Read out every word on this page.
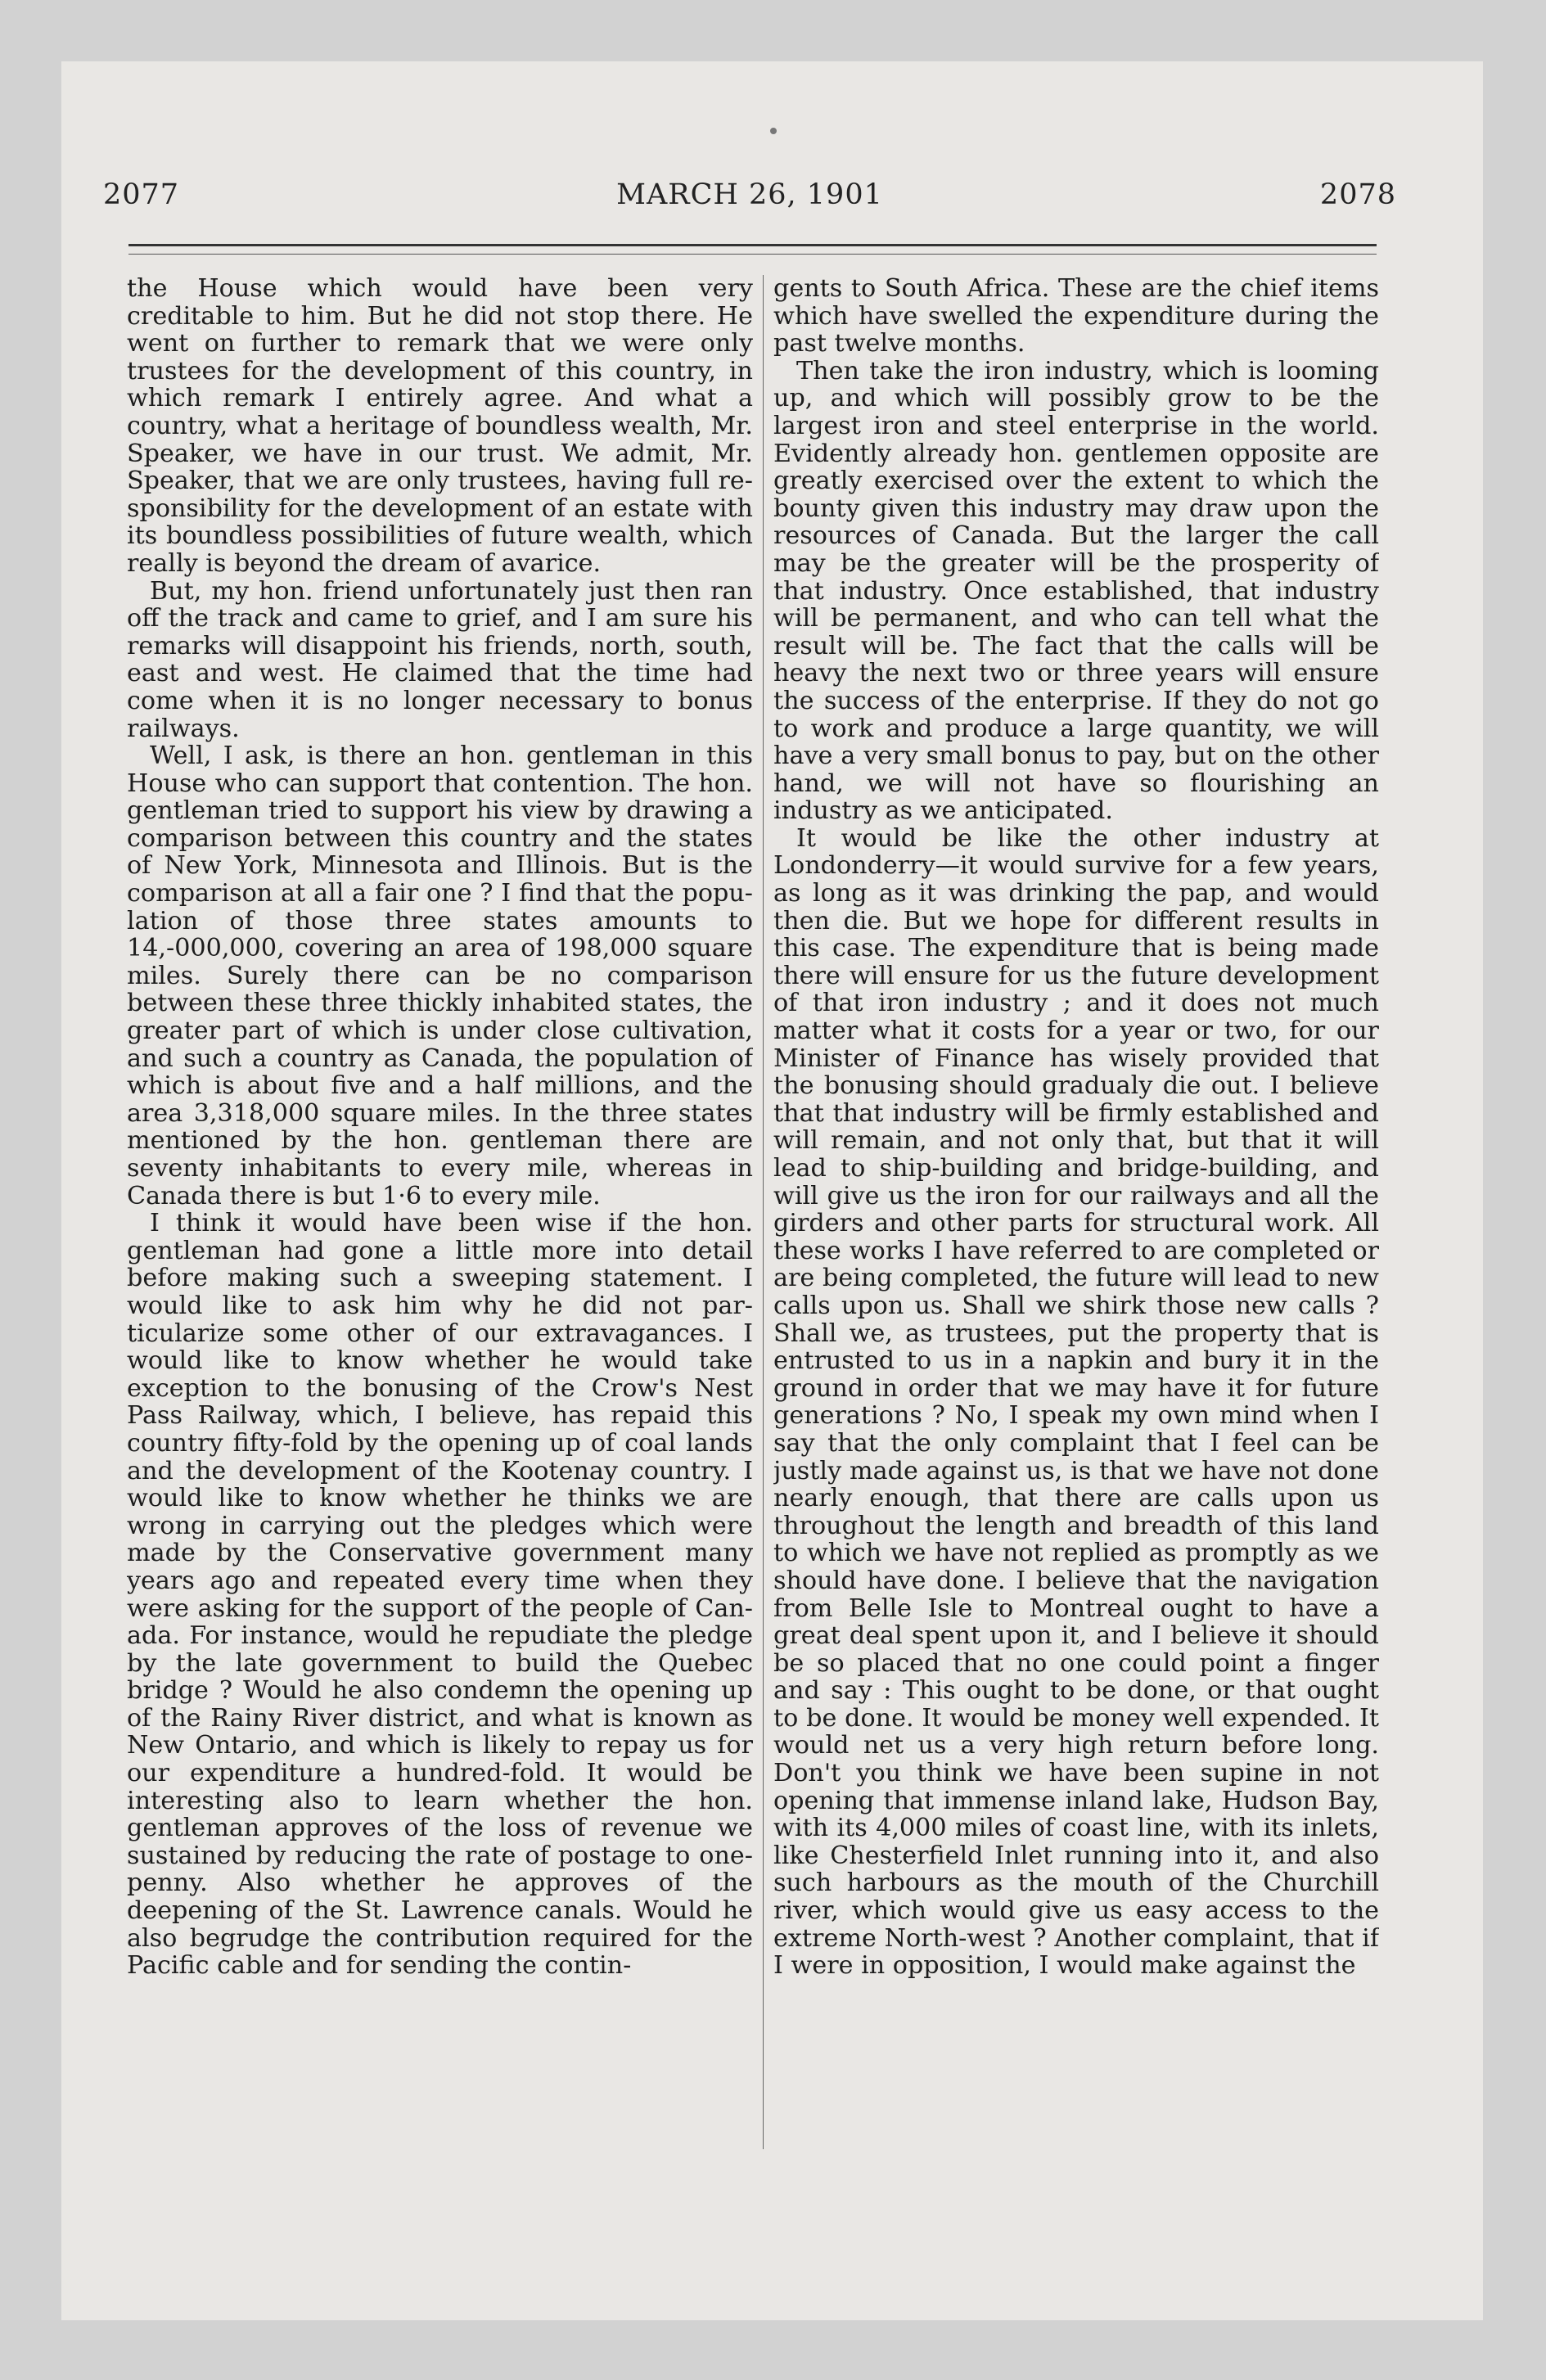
2077	MARCH 26, 1901	2078

the House which would have been very creditable to him. But he did not stop there. He went on further to remark that we were only trustees for the development of this country, in which remark I entirely agree. And what a country, what a heritage of boundless wealth, Mr. Speaker, we have in our trust. We admit, Mr. Speaker, that we are only trustees, having full responsibility for the development of an estate with its boundless possibilities of future wealth, which really is beyond the dream of avarice.

But, my hon. friend unfortunately just then ran off the track and came to grief, and I am sure his remarks will disappoint his friends, north, south, east and west. He claimed that the time had come when it is no longer necessary to bonus railways.

Well, I ask, is there an hon. gentleman in this House who can support that contention. The hon. gentleman tried to support his view by drawing a comparison between this country and the states of New York, Minnesota and Illinois. But is the comparison at all a fair one ? I find that the population of those three states amounts to 14,-000,000, covering an area of 198,000 square miles. Surely there can be no comparison between these three thickly inhabited states, the greater part of which is under close cultivation, and such a country as Canada, the population of which is about five and a half millions, and the area 3,318,000 square miles. In the three states mentioned by the hon. gentleman there are seventy inhabitants to every mile, whereas in Canada there is but 1·6 to every mile.

I think it would have been wise if the hon. gentleman had gone a little more into detail before making such a sweeping statement. I would like to ask him why he did not particularize some other of our extravagances. I would like to know whether he would take exception to the bonusing of the Crow's Nest Pass Railway, which, I believe, has repaid this country fifty-fold by the opening up of coal lands and the development of the Kootenay country. I would like to know whether he thinks we are wrong in carrying out the pledges which were made by the Conservative government many years ago and repeated every time when they were asking for the support of the people of Canada. For instance, would he repudiate the pledge by the late government to build the Quebec bridge ? Would he also condemn the opening up of the Rainy River district, and what is known as New Ontario, and which is likely to repay us for our expenditure a hundred-fold. It would be interesting also to learn whether the hon. gentleman approves of the loss of revenue we sustained by reducing the rate of postage to one-penny. Also whether he approves of the deepening of the St. Lawrence canals. Would he also begrudge the contribution required for the Pacific cable and for sending the contin-

gents to South Africa. These are the chief items which have swelled the expenditure during the past twelve months.

Then take the iron industry, which is looming up, and which will possibly grow to be the largest iron and steel enterprise in the world. Evidently already hon. gentlemen opposite are greatly exercised over the extent to which the bounty given this industry may draw upon the resources of Canada. But the larger the call may be the greater will be the prosperity of that industry. Once established, that industry will be permanent, and who can tell what the result will be. The fact that the calls will be heavy the next two or three years will ensure the success of the enterprise. If they do not go to work and produce a large quantity, we will have a very small bonus to pay, but on the other hand, we will not have so flourishing an industry as we anticipated.

It would be like the other industry at Londonderry—it would survive for a few years, as long as it was drinking the pap, and would then die. But we hope for different results in this case. The expenditure that is being made there will ensure for us the future development of that iron industry ; and it does not much matter what it costs for a year or two, for our Minister of Finance has wisely provided that the bonusing should gradualy die out. I believe that that industry will be firmly established and will remain, and not only that, but that it will lead to ship-building and bridge-building, and will give us the iron for our railways and all the girders and other parts for structural work. All these works I have referred to are completed or are being completed, the future will lead to new calls upon us. Shall we shirk those new calls ? Shall we, as trustees, put the property that is entrusted to us in a napkin and bury it in the ground in order that we may have it for future generations ? No, I speak my own mind when I say that the only complaint that I feel can be justly made against us, is that we have not done nearly enough, that there are calls upon us throughout the length and breadth of this land to which we have not replied as promptly as we should have done. I believe that the navigation from Belle Isle to Montreal ought to have a great deal spent upon it, and I believe it should be so placed that no one could point a finger and say : This ought to be done, or that ought to be done. It would be money well expended. It would net us a very high return before long. Don't you think we have been supine in not opening that immense inland lake, Hudson Bay, with its 4,000 miles of coast line, with its inlets, like Chesterfield Inlet running into it, and also such harbours as the mouth of the Churchill river, which would give us easy access to the extreme North-west ? Another complaint, that if I were in opposition, I would make against the
